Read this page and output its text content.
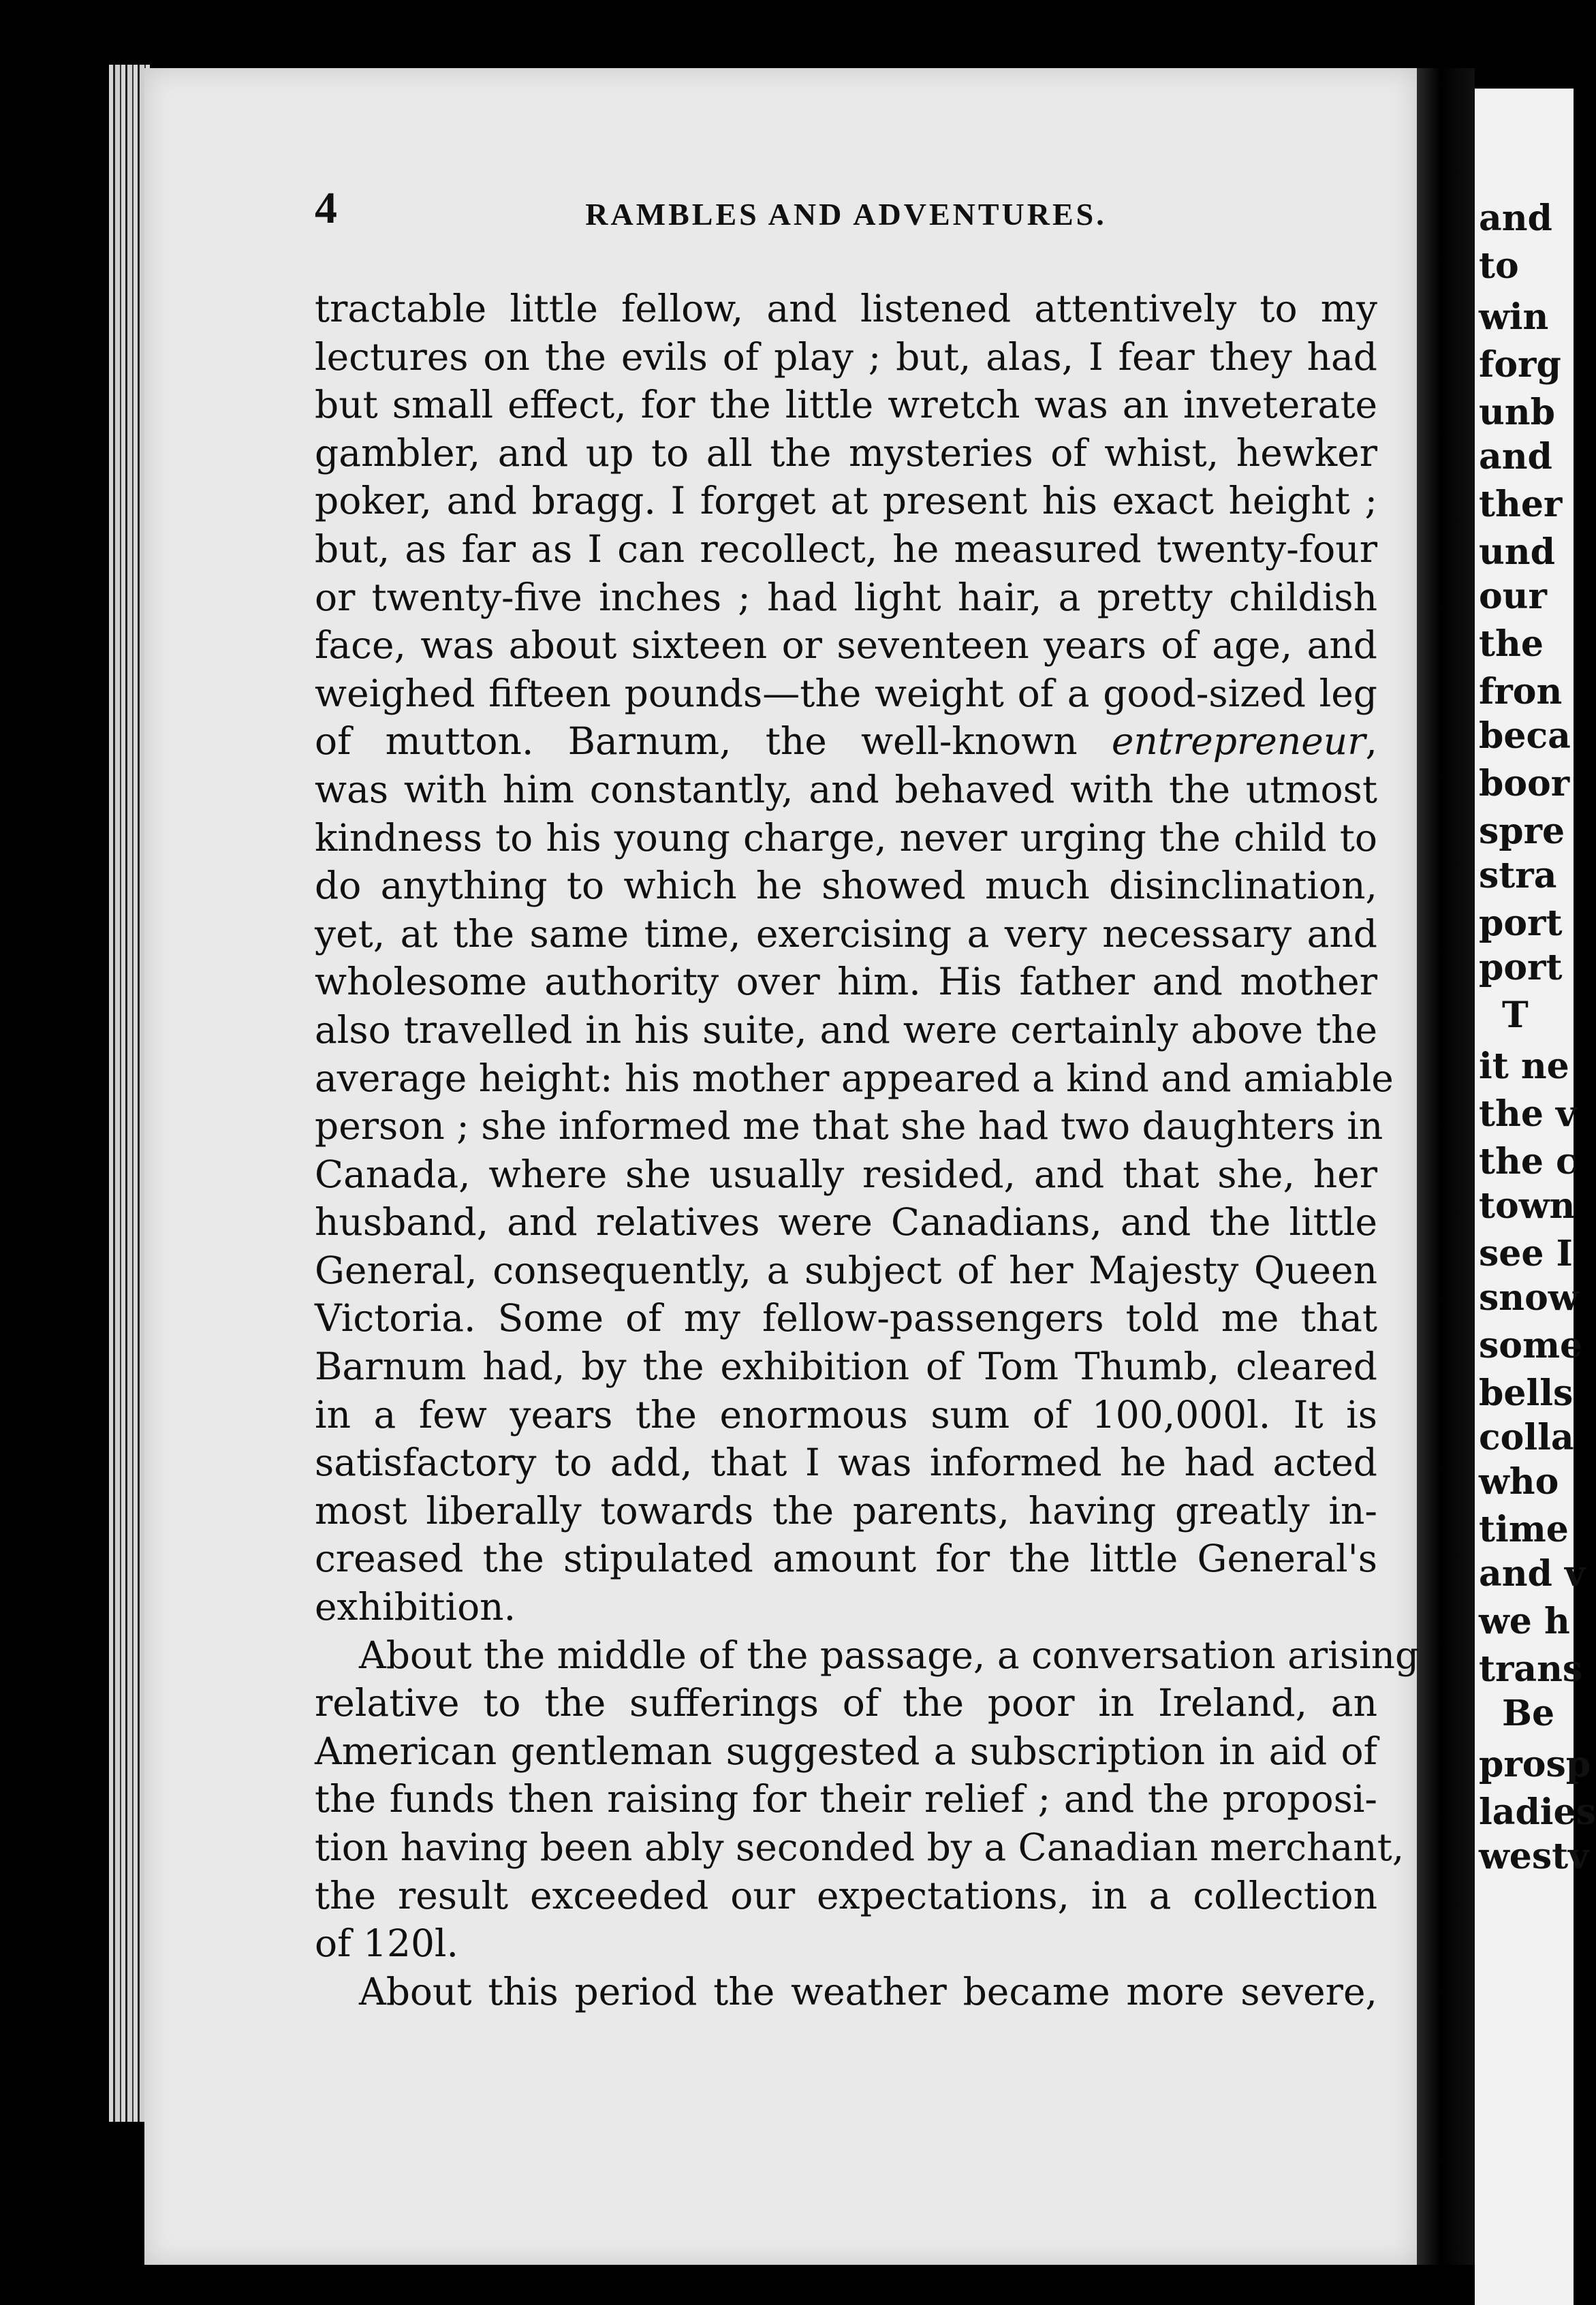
and
to
win
forg
unb
and
ther
und
our
the
fron
beca
boor
spre
stra
port
port
T
it ne
the v
the c
town
see I
snow
some
bells
colla
who
time
and v
we h
trans
Be
prosp
ladies
westv
4	RAMBLES AND ADVENTURES.
tractable little fellow, and listened attentively to my
lectures on the evils of play ; but, alas, I fear they had
but small effect, for the little wretch was an inveterate
gambler, and up to all the mysteries of whist, hewker
poker, and bragg. I forget at present his exact height ;
but, as far as I can recollect, he measured twenty-four
or twenty-five inches ; had light hair, a pretty childish
face, was about sixteen or seventeen years of age, and
weighed fifteen pounds—the weight of a good-sized leg
of mutton. Barnum, the well-known entrepreneur,
was with him constantly, and behaved with the utmost
kindness to his young charge, never urging the child to
do anything to which he showed much disinclination,
yet, at the same time, exercising a very necessary and
wholesome authority over him. His father and mother
also travelled in his suite, and were certainly above the
average height: his mother appeared a kind and amiable
person ; she informed me that she had two daughters in
Canada, where she usually resided, and that she, her
husband, and relatives were Canadians, and the little
General, consequently, a subject of her Majesty Queen
Victoria. Some of my fellow-passengers told me that
Barnum had, by the exhibition of Tom Thumb, cleared
in a few years the enormous sum of 100,000l. It is
satisfactory to add, that I was informed he had acted
most liberally towards the parents, having greatly in-
creased the stipulated amount for the little General's
exhibition.
About the middle of the passage, a conversation arising
relative to the sufferings of the poor in Ireland, an
American gentleman suggested a subscription in aid of
the funds then raising for their relief ; and the proposi-
tion having been ably seconded by a Canadian merchant,
the result exceeded our expectations, in a collection
of 120l.
About this period the weather became more severe,
